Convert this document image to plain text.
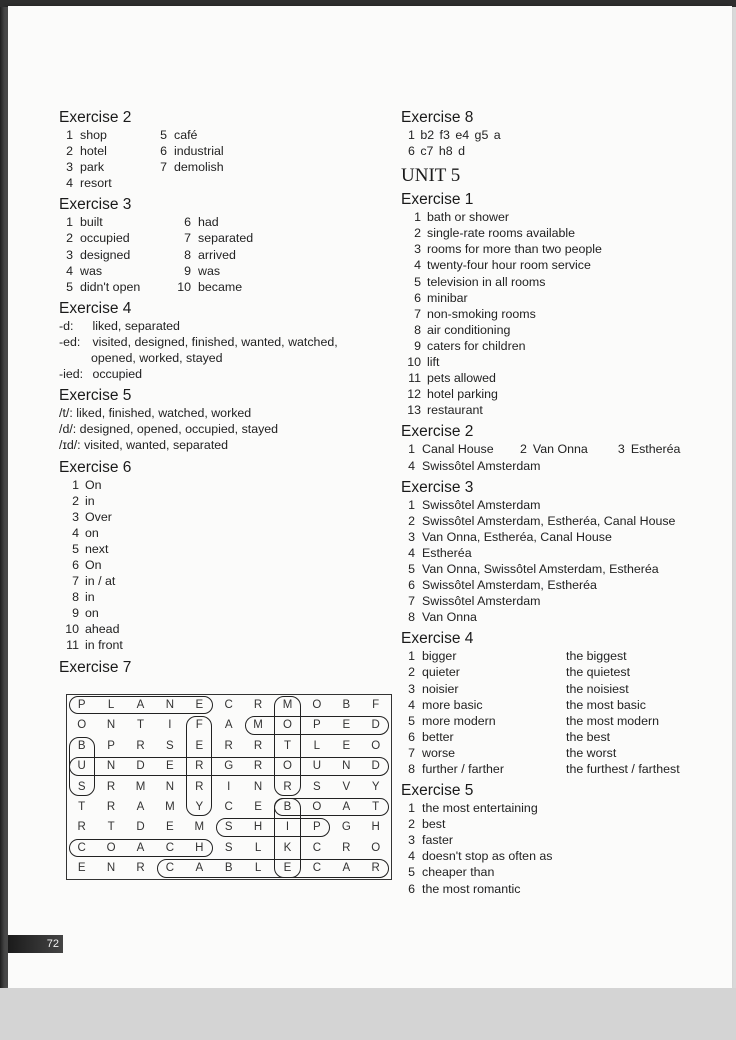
Exercise 2
1 shop
2 hotel
3 park
4 resort
5 café
6 industrial
7 demolish
Exercise 3
1 built
2 occupied
3 designed
4 was
5 didn't open
6 had
7 separated
8 arrived
9 was
10 became
Exercise 4
-d: liked, separated
-ed: visited, designed, finished, wanted, watched,
opened, worked, stayed
-ied: occupied
Exercise 5
/t/: liked, finished, watched, worked
/d/: designed, opened, occupied, stayed
/ɪd/: visited, wanted, separated
Exercise 6
1 On
2 in
3 Over
4 on
5 next
6 On
7 in / at
8 in
9 on
10 ahead
11 in front
Exercise 7
P	L	A	N	E	C	R	M	O	B	F
O	N	T	I	F	A	M	O	P	E	D
B	P	R	S	E	R	R	T	L	E	O
U	N	D	E	R	G	R	O	U	N	D
S	R	M	N	R	I	N	R	S	V	Y
T	R	A	M	Y	C	E	B	O	A	T
R	T	D	E	M	S	H	I	P	G	H
C	O	A	C	H	S	L	K	C	R	O
E	N	R	C	A	B	L	E	C	A	R
Exercise 8
1 b2 f3 e4 g5 a
6 c7 h8 d
UNIT 5
Exercise 1
1 bath or shower
2 single-rate rooms available
3 rooms for more than two people
4 twenty-four hour room service
5 television in all rooms
6 minibar
7 non-smoking rooms
8 air conditioning
9 caters for children
10 lift
11 pets allowed
12 hotel parking
13 restaurant
Exercise 2
1 Canal House 2 Van Onna 3 Estheréa
4 Swissôtel Amsterdam
Exercise 3
1 Swissôtel Amsterdam
2 Swissôtel Amsterdam, Estheréa, Canal House
3 Van Onna, Estheréa, Canal House
4 Estheréa
5 Van Onna, Swissôtel Amsterdam, Estheréa
6 Swissôtel Amsterdam, Estheréa
7 Swissôtel Amsterdam
8 Van Onna
Exercise 4
1 bigger	the biggest
2 quieter	the quietest
3 noisier	the noisiest
4 more basic	the most basic
5 more modern	the most modern
6 better	the best
7 worse	the worst
8 further / farther	the furthest / farthest
Exercise 5
1 the most entertaining
2 best
3 faster
4 doesn't stop as often as
5 cheaper than
6 the most romantic
72
